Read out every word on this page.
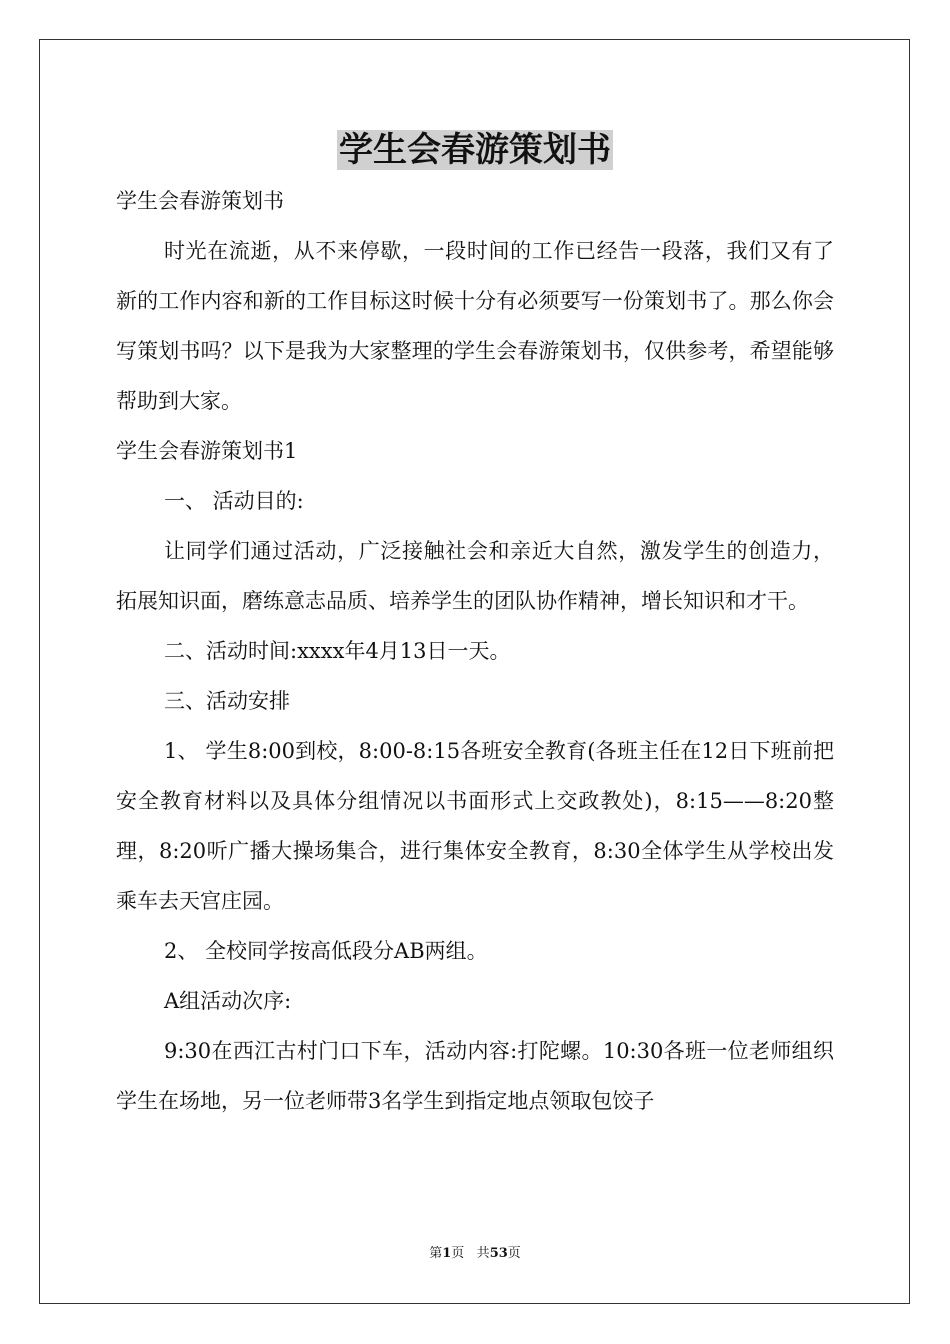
学生会春游策划书

学生会春游策划书

时光在流逝，从不来停歇，一段时间的工作已经告一段落，我们又有了新的工作内容和新的工作目标这时候十分有必须要写一份策划书了。那么你会写策划书吗？以下是我为大家整理的学生会春游策划书，仅供参考，希望能够帮助到大家。

学生会春游策划书1

一、 活动目的:

让同学们通过活动，广泛接触社会和亲近大自然，激发学生的创造力，拓展知识面，磨练意志品质、培养学生的团队协作精神，增长知识和才干。

二、活动时间:xxxx年4月13日一天。

三、活动安排

1、 学生8:00到校，8:00-8:15各班安全教育(各班主任在12日下班前把安全教育材料以及具体分组情况以书面形式上交政教处)，8:15——8:20整理，8:20听广播大操场集合，进行集体安全教育，8:30全体学生从学校出发乘车去天宫庄园。

2、 全校同学按高低段分AB两组。

A组活动次序:

9:30在西江古村门口下车，活动内容:打陀螺。10:30各班一位老师组织学生在场地，另一位老师带3名学生到指定地点领取包饺子

第1页 共53页
